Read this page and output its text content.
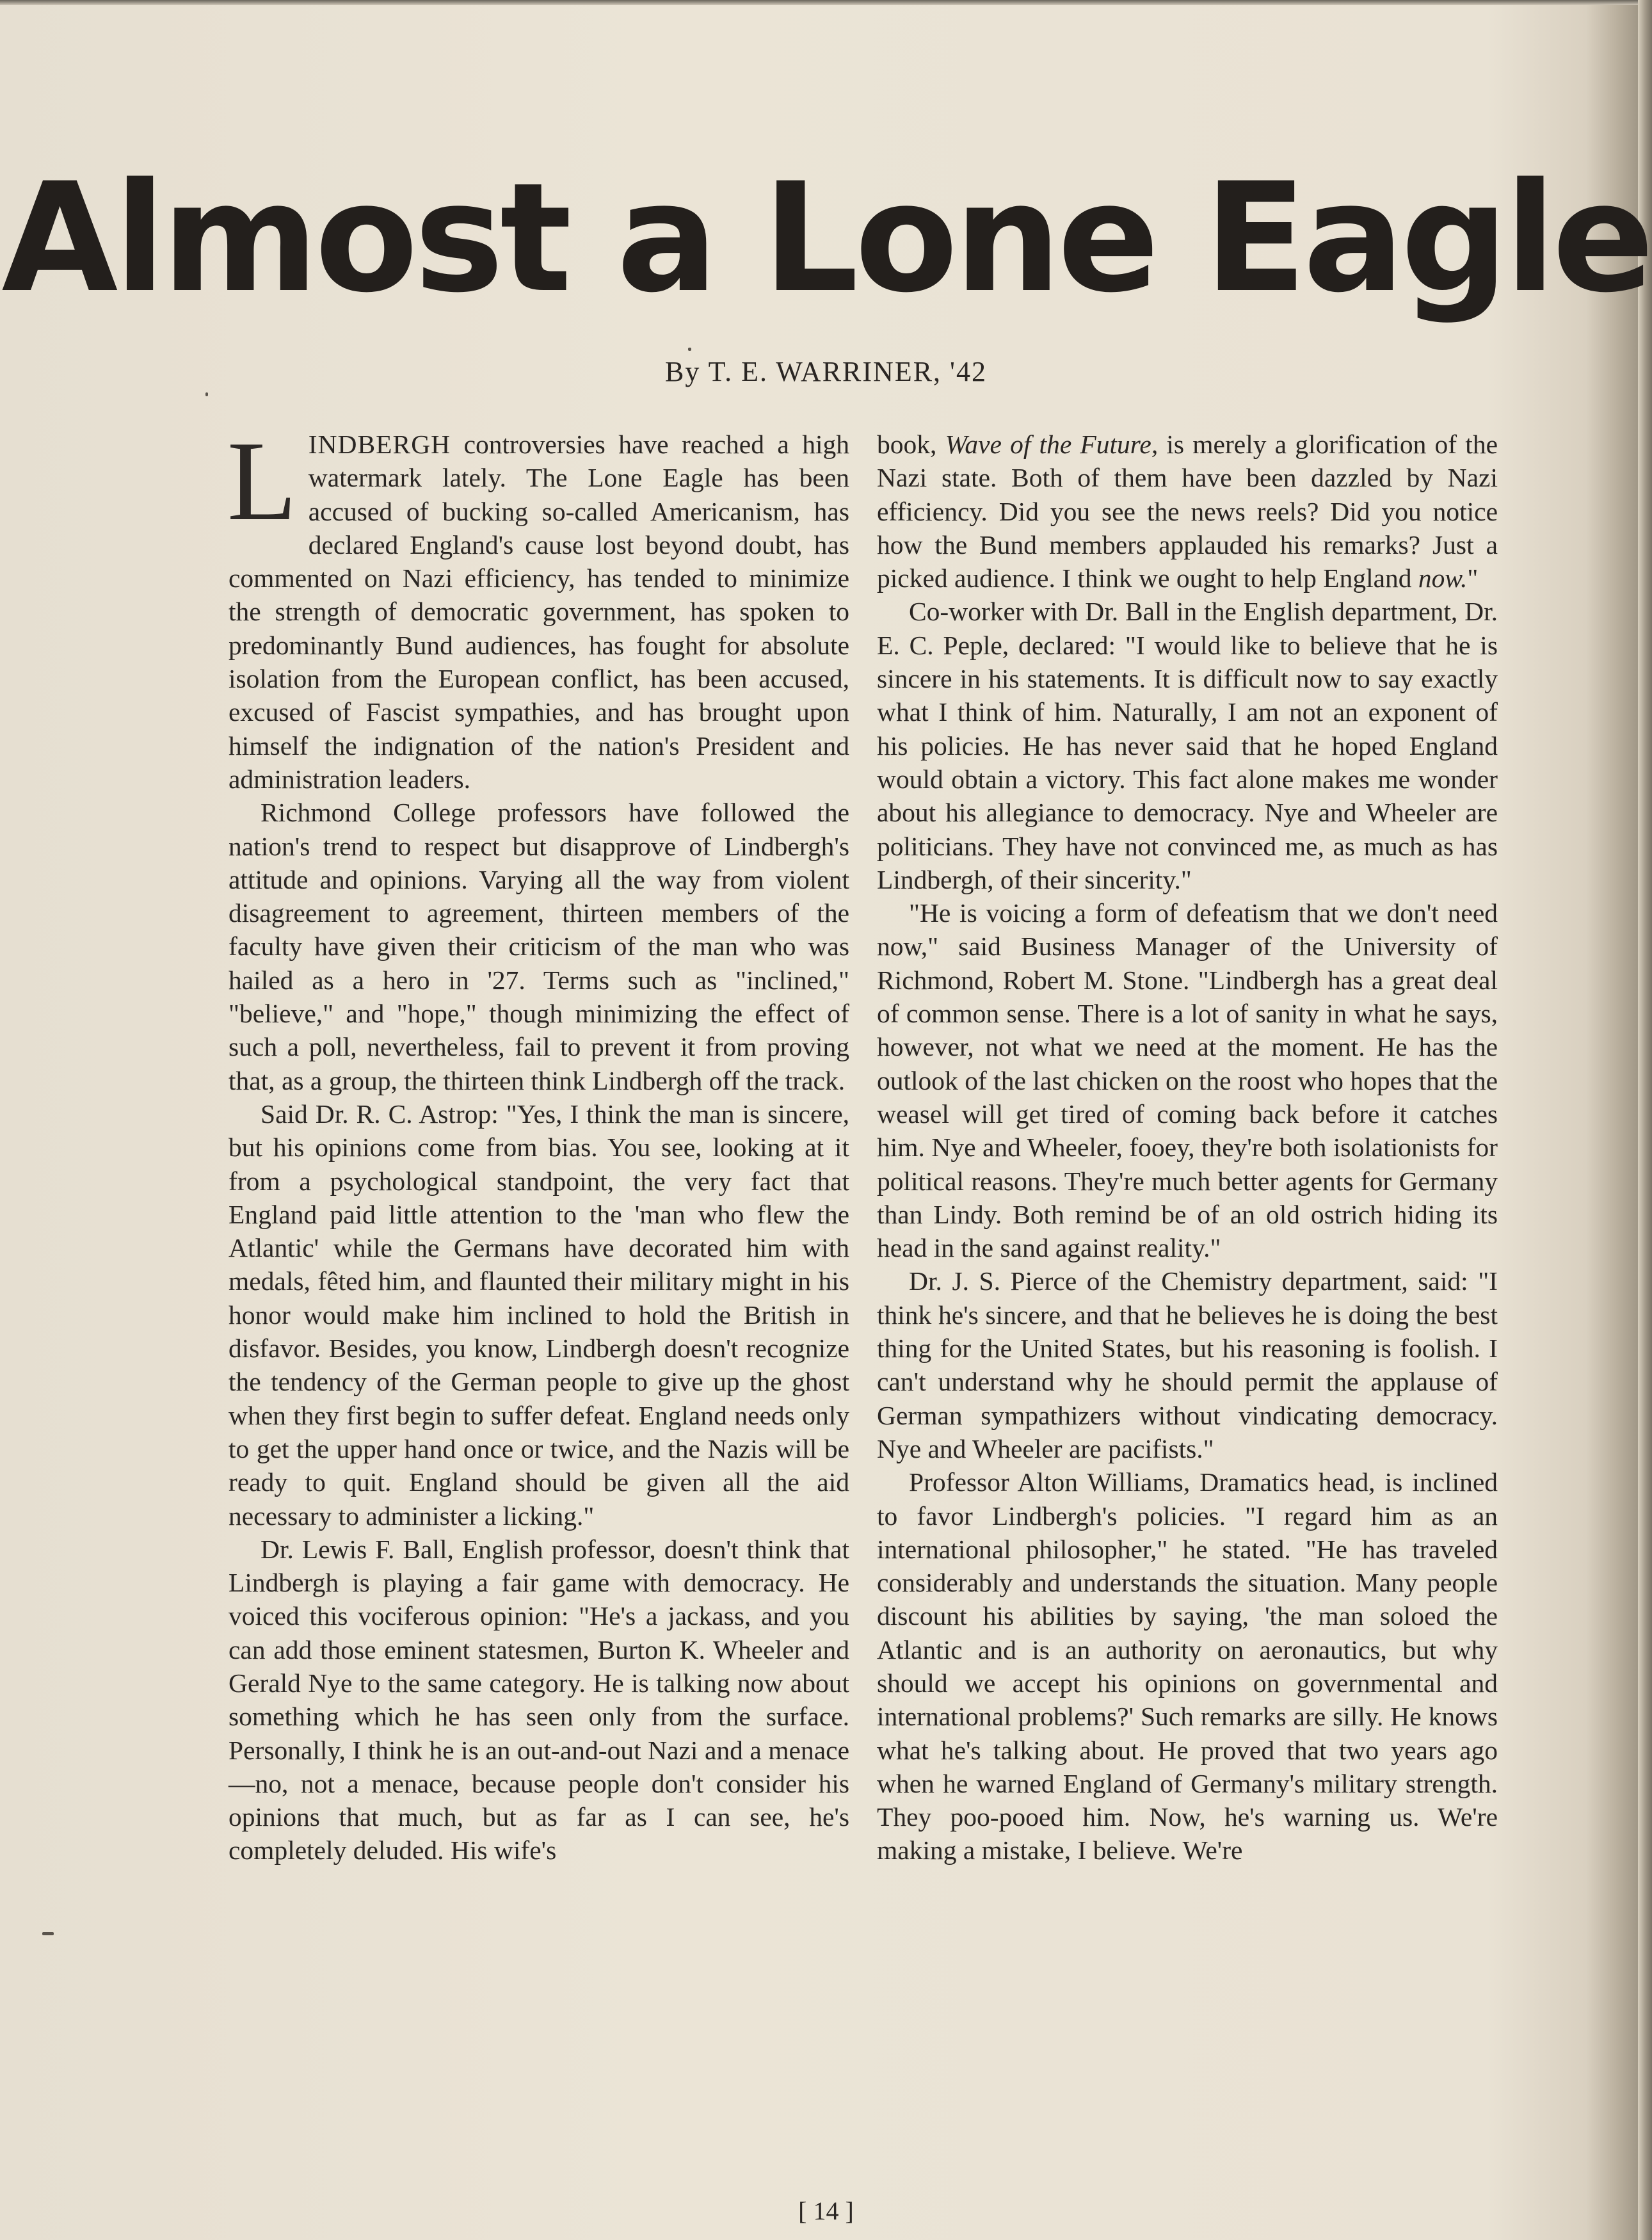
Almost a Lone Eagle

By T. E. WARRINER, '42

LINDBERGH controversies have reached a high watermark lately. The Lone Eagle has been accused of bucking so-called Americanism, has declared England's cause lost beyond doubt, has commented on Nazi efficiency, has tended to minimize the strength of democratic government, has spoken to predominantly Bund audiences, has fought for absolute isolation from the European conflict, has been accused, excused of Fascist sympathies, and has brought upon himself the indignation of the nation's President and administration leaders.

Richmond College professors have followed the nation's trend to respect but disapprove of Lindbergh's attitude and opinions. Varying all the way from violent disagreement to agreement, thirteen members of the faculty have given their criticism of the man who was hailed as a hero in '27. Terms such as "inclined," "believe," and "hope," though minimizing the effect of such a poll, nevertheless, fail to prevent it from proving that, as a group, the thirteen think Lindbergh off the track.

Said Dr. R. C. Astrop: "Yes, I think the man is sincere, but his opinions come from bias. You see, looking at it from a psychological standpoint, the very fact that England paid little attention to the 'man who flew the Atlantic' while the Germans have decorated him with medals, fêted him, and flaunted their military might in his honor would make him inclined to hold the British in disfavor. Besides, you know, Lindbergh doesn't recognize the tendency of the German people to give up the ghost when they first begin to suffer defeat. England needs only to get the upper hand once or twice, and the Nazis will be ready to quit. England should be given all the aid necessary to administer a licking."

Dr. Lewis F. Ball, English professor, doesn't think that Lindbergh is playing a fair game with democracy. He voiced this vociferous opinion: "He's a jackass, and you can add those eminent statesmen, Burton K. Wheeler and Gerald Nye to the same category. He is talking now about something which he has seen only from the surface. Personally, I think he is an out-and-out Nazi and a menace—no, not a menace, because people don't consider his opinions that much, but as far as I can see, he's completely deluded. His wife's

book, Wave of the Future, is merely a glorification of the Nazi state. Both of them have been dazzled by Nazi efficiency. Did you see the news reels? Did you notice how the Bund members applauded his remarks? Just a picked audience. I think we ought to help England now."

Co-worker with Dr. Ball in the English department, Dr. E. C. Peple, declared: "I would like to believe that he is sincere in his statements. It is difficult now to say exactly what I think of him. Naturally, I am not an exponent of his policies. He has never said that he hoped England would obtain a victory. This fact alone makes me wonder about his allegiance to democracy. Nye and Wheeler are politicians. They have not convinced me, as much as has Lindbergh, of their sincerity."

"He is voicing a form of defeatism that we don't need now," said Business Manager of the University of Richmond, Robert M. Stone. "Lindbergh has a great deal of common sense. There is a lot of sanity in what he says, however, not what we need at the moment. He has the outlook of the last chicken on the roost who hopes that the weasel will get tired of coming back before it catches him. Nye and Wheeler, fooey, they're both isolationists for political reasons. They're much better agents for Germany than Lindy. Both remind be of an old ostrich hiding its head in the sand against reality."

Dr. J. S. Pierce of the Chemistry department, said: "I think he's sincere, and that he believes he is doing the best thing for the United States, but his reasoning is foolish. I can't understand why he should permit the applause of German sympathizers without vindicating democracy. Nye and Wheeler are pacifists."

Professor Alton Williams, Dramatics head, is inclined to favor Lindbergh's policies. "I regard him as an international philosopher," he stated. "He has traveled considerably and understands the situation. Many people discount his abilities by saying, 'the man soloed the Atlantic and is an authority on aeronautics, but why should we accept his opinions on governmental and international problems?' Such remarks are silly. He knows what he's talking about. He proved that two years ago when he warned England of Germany's military strength. They poo-pooed him. Now, he's warning us. We're making a mistake, I believe. We're

[ 14 ]
